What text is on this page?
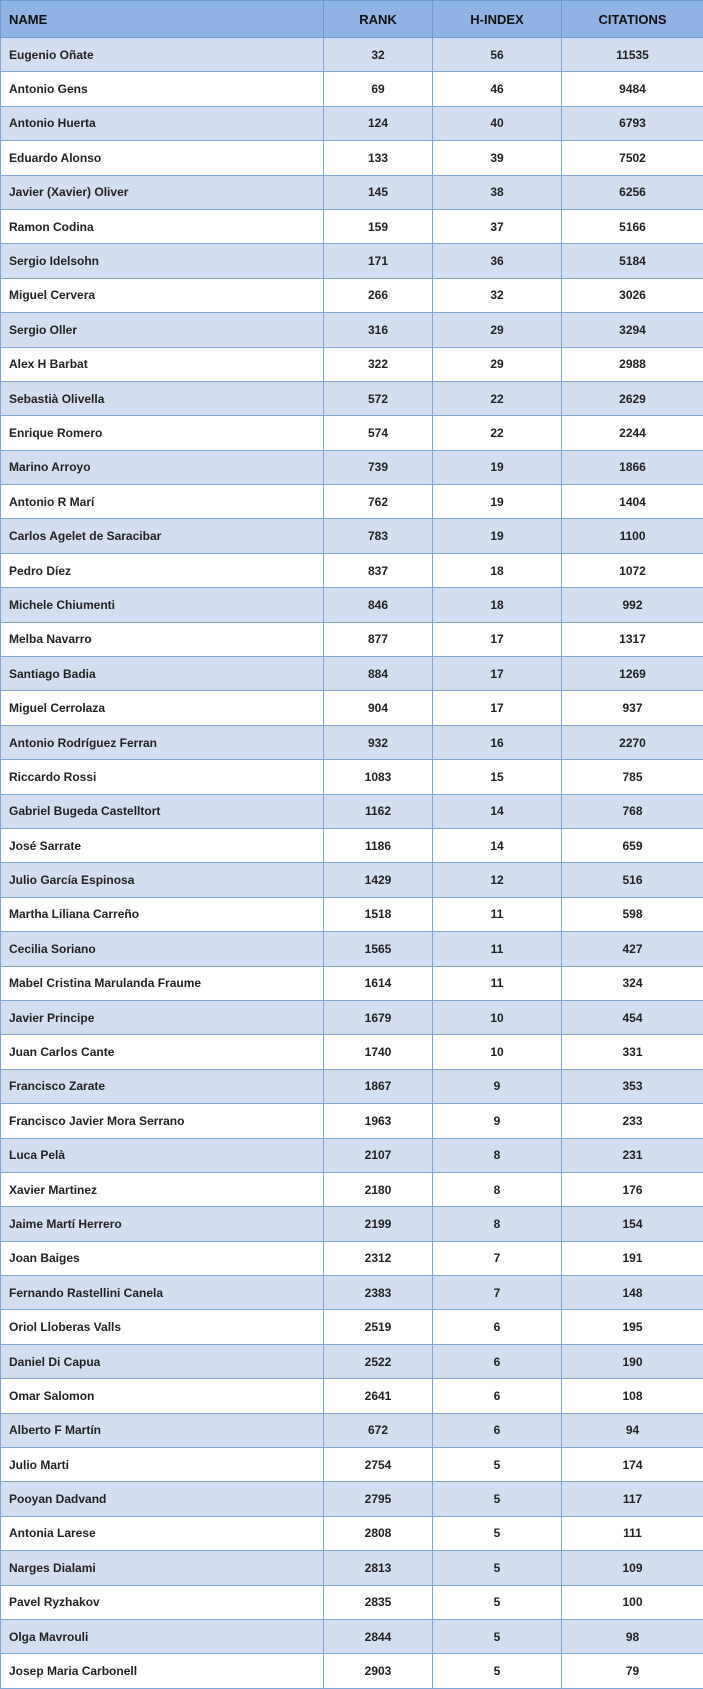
NAME	RANK	H-INDEX	CITATIONS
Eugenio Oñate	32	56	11535
Antonio Gens	69	46	9484
Antonio Huerta	124	40	6793
Eduardo Alonso	133	39	7502
Javier (Xavier) Oliver	145	38	6256
Ramon Codina	159	37	5166
Sergio Idelsohn	171	36	5184
Miguel Cervera	266	32	3026
Sergio Oller	316	29	3294
Alex H Barbat	322	29	2988
Sebastià Olivella	572	22	2629
Enrique Romero	574	22	2244
Marino Arroyo	739	19	1866
Antonio R Marí	762	19	1404
Carlos Agelet de Saracibar	783	19	1100
Pedro Díez	837	18	1072
Michele Chiumenti	846	18	992
Melba Navarro	877	17	1317
Santiago Badia	884	17	1269
Miguel Cerrolaza	904	17	937
Antonio Rodríguez Ferran	932	16	2270
Riccardo Rossi	1083	15	785
Gabriel Bugeda Castelltort	1162	14	768
José Sarrate	1186	14	659
Julio García Espinosa	1429	12	516
Martha Liliana Carreño	1518	11	598
Cecilia Soriano	1565	11	427
Mabel Cristina Marulanda Fraume	1614	11	324
Javier Principe	1679	10	454
Juan Carlos Cante	1740	10	331
Francisco Zarate	1867	9	353
Francisco Javier Mora Serrano	1963	9	233
Luca Pelà	2107	8	231
Xavier Martinez	2180	8	176
Jaime Martí Herrero	2199	8	154
Joan Baiges	2312	7	191
Fernando Rastellini Canela	2383	7	148
Oriol Lloberas Valls	2519	6	195
Daniel Di Capua	2522	6	190
Omar Salomon	2641	6	108
Alberto F Martín	672	6	94
Julio Marti	2754	5	174
Pooyan Dadvand	2795	5	117
Antonia Larese	2808	5	111
Narges Dialami	2813	5	109
Pavel Ryzhakov	2835	5	100
Olga Mavrouli	2844	5	98
Josep Maria Carbonell	2903	5	79
